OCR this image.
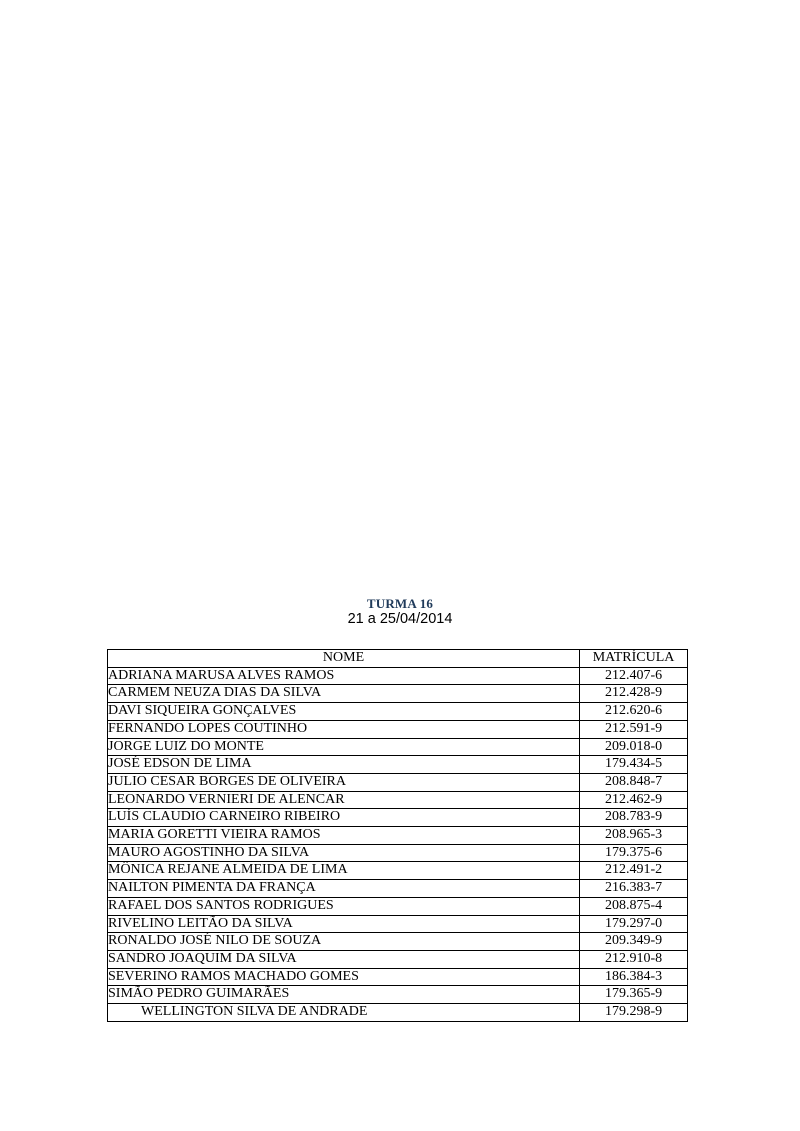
TURMA 16
21 a 25/04/2014
NOME	MATRÍCULA
ADRIANA MARUSA ALVES RAMOS	212.407-6
CARMEM NEUZA DIAS DA SILVA	212.428-9
DAVI SIQUEIRA GONÇALVES	212.620-6
FERNANDO LOPES COUTINHO	212.591-9
JORGE LUIZ DO MONTE	209.018-0
JOSÉ EDSON DE LIMA	179.434-5
JULIO CESAR BORGES DE OLIVEIRA	208.848-7
LEONARDO VERNIERI DE ALENCAR	212.462-9
LUÍS CLAUDIO CARNEIRO RIBEIRO	208.783-9
MARIA GORETTI VIEIRA RAMOS	208.965-3
MAURO AGOSTINHO DA SILVA	179.375-6
MÔNICA REJANE ALMEIDA DE LIMA	212.491-2
NAILTON PIMENTA DA FRANÇA	216.383-7
RAFAEL DOS SANTOS RODRIGUES	208.875-4
RIVELINO LEITÃO DA SILVA	179.297-0
RONALDO JOSÉ NILO DE SOUZA	209.349-9
SANDRO JOAQUIM DA SILVA	212.910-8
SEVERINO RAMOS MACHADO GOMES	186.384-3
SIMÃO PEDRO GUIMARÃES	179.365-9
WELLINGTON SILVA DE ANDRADE	179.298-9
